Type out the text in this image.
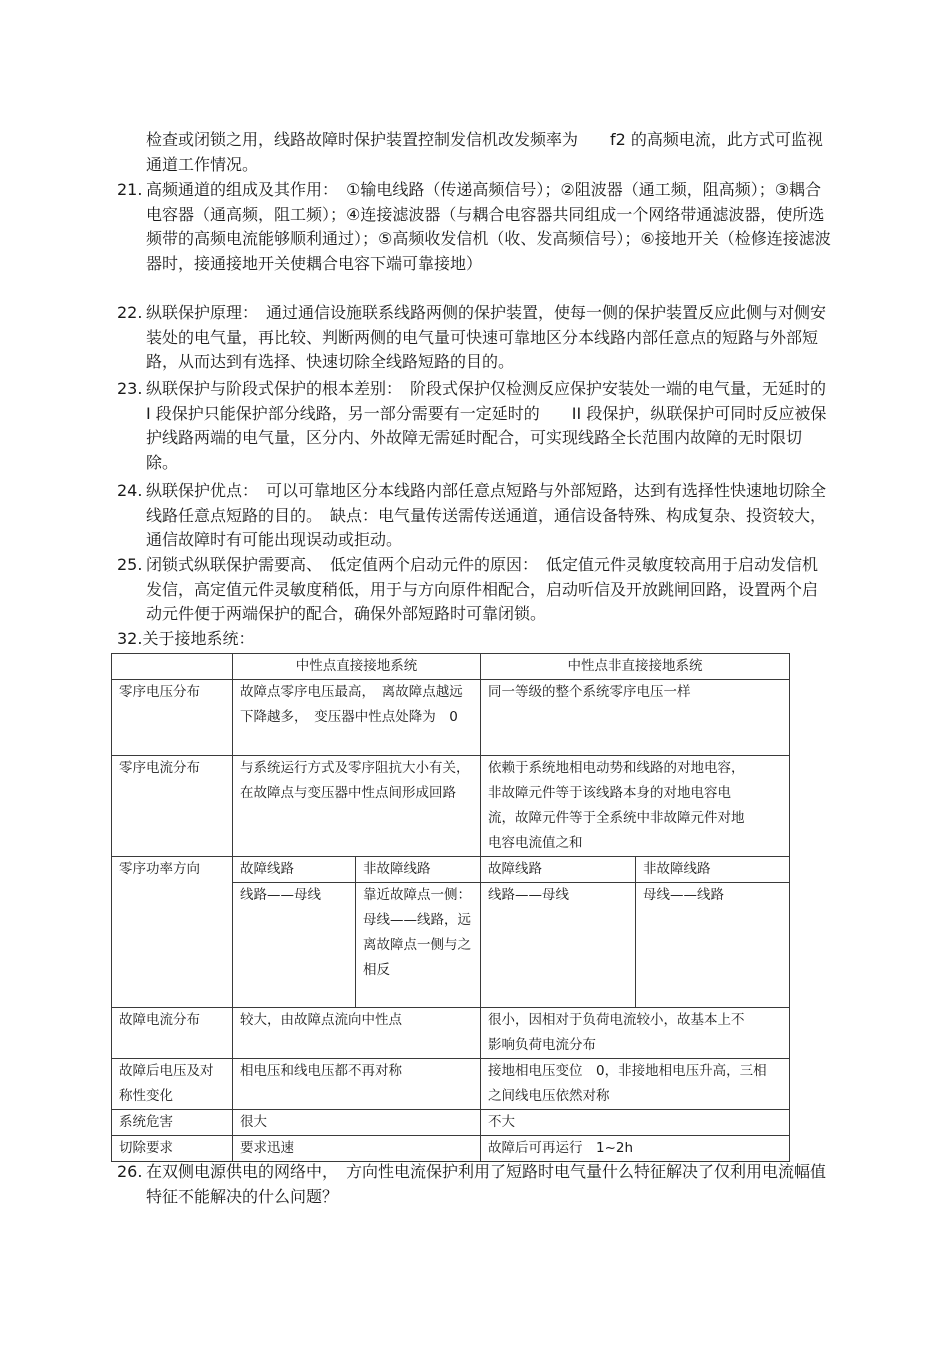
检查或闭锁之用，线路故障时保护装置控制发信机改发频率为　　f2 的高频电流，此方式可监视通道工作情况。
21. 高频通道的组成及其作用：　①输电线路（传递高频信号）；②阻波器（通工频，阻高频）；③耦合电容器（通高频，阻工频）；④连接滤波器（与耦合电容器共同组成一个网络带通滤波器，使所选频带的高频电流能够顺利通过）；⑤高频收发信机（收、发高频信号）；⑥接地开关（检修连接滤波器时，接通接地开关使耦合电容下端可靠接地）
22. 纵联保护原理：　通过通信设施联系线路两侧的保护装置，使每一侧的保护装置反应此侧与对侧安装处的电气量，再比较、判断两侧的电气量可快速可靠地区分本线路内部任意点的短路与外部短路，从而达到有选择、快速切除全线路短路的目的。
23. 纵联保护与阶段式保护的根本差别：　阶段式保护仅检测反应保护安装处一端的电气量，无延时的　I 段保护只能保护部分线路，另一部分需要有一定延时的　　II 段保护，纵联保护可同时反应被保护线路两端的电气量，区分内、外故障无需延时配合，可实现线路全长范围内故障的无时限切除。
24. 纵联保护优点：　可以可靠地区分本线路内部任意点短路与外部短路，达到有选择性快速地切除全线路任意点短路的目的。　缺点：电气量传送需传送通道，通信设备特殊、构成复杂、投资较大，通信故障时有可能出现误动或拒动。
25. 闭锁式纵联保护需要高、　低定值两个启动元件的原因：　低定值元件灵敏度较高用于启动发信机发信，高定值元件灵敏度稍低，用于与方向原件相配合，启动听信及开放跳闸回路，设置两个启动元件便于两端保护的配合，确保外部短路时可靠闭锁。
32.关于接地系统：
	中性点直接接地系统		中性点非直接接地系统	
零序电压分布	故障点零序电压最高，　离故障点越远下降越多，　变压器中性点处降为　0		同一等级的整个系统零序电压一样	
零序电流分布	与系统运行方式及零序阻抗大小有关，　在故障点与变压器中性点间形成回路		依赖于系统地相电动势和线路的对地电容，非故障元件等于该线路本身的对地电容电流，故障元件等于全系统中非故障元件对地电容电流值之和	
零序功率方向	故障线路	非故障线路	故障线路	非故障线路
	线路——母线	靠近故障点一侧：母线——线路，远离故障点一侧与之相反	线路——母线	母线——线路
故障电流分布	较大，由故障点流向中性点		很小，因相对于负荷电流较小，故基本上不影响负荷电流分布	
故障后电压及对称性变化	相电压和线电压都不再对称		接地相电压变位　0，非接地相电压升高，三相之间线电压依然对称	
系统危害	很大		不大	
切除要求	要求迅速		故障后可再运行　1~2h	
26. 在双侧电源供电的网络中，　方向性电流保护利用了短路时电气量什么特征解决了仅利用电流幅值特征不能解决的什么问题？
